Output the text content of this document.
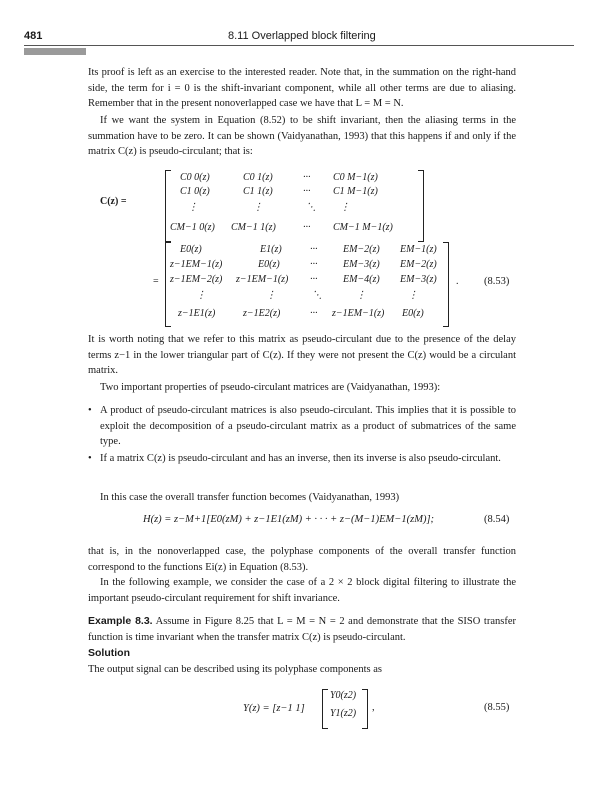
481	8.11 Overlapped block filtering

Its proof is left as an exercise to the interested reader. Note that, in the summation on the right-hand side, the term for i = 0 is the shift-invariant component, while all other terms are due to aliasing. Remember that in the present nonoverlapped case we have that L = M = N.

If we want the system in Equation (8.52) to be shift invariant, then the aliasing terms in the summation have to be zero. It can be shown (Vaidyanathan, 1993) that this happens if and only if the matrix C(z) is pseudo-circulant; that is:

C(z) =
C0 0(z)	C0 1(z)	··· C0 M−1(z)
C1 0(z)	C1 1(z)	··· C1 M−1(z)
⋮	⋮	⋱ ⋮
CM−1 0(z) CM−1 1(z)	··· CM−1 M−1(z)
=
E0(z)	E1(z)	···	EM−2(z) EM−1(z)
z−1EM−1(z)	E0(z)	···	EM−3(z) EM−2(z)
z−1EM−2(z) z−1EM−1(z) ···	EM−4(z) EM−3(z)
⋮	⋮	⋱	⋮	⋮
z−1E1(z)	z−1E2(z)	··· z−1EM−1(z) E0(z)
. (8.53)

It is worth noting that we refer to this matrix as pseudo-circulant due to the presence of the delay terms z−1 in the lower triangular part of C(z). If they were not present the C(z) would be a circulant matrix.

Two important properties of pseudo-circulant matrices are (Vaidyanathan, 1993):

• A product of pseudo-circulant matrices is also pseudo-circulant. This implies that it is possible to exploit the decomposition of a pseudo-circulant matrix as a product of submatrices of the same type.
• If a matrix C(z) is pseudo-circulant and has an inverse, then its inverse is also pseudo-circulant.

In this case the overall transfer function becomes (Vaidyanathan, 1993)

H(z) = z−M+1[E0(zM) + z−1E1(zM) + · · · + z−(M−1)EM−1(zM)];	(8.54)

that is, in the nonoverlapped case, the polyphase components of the overall transfer function correspond to the functions Ei(z) in Equation (8.53).

In the following example, we consider the case of a 2 × 2 block digital filtering to illustrate the important pseudo-circulant requirement for shift invariance.

Example 8.3. Assume in Figure 8.25 that L = M = N = 2 and demonstrate that the SISO transfer function is time invariant when the transfer matrix C(z) is pseudo-circulant.

Solution

The output signal can be described using its polyphase components as

Y(z) = [z−1 1]
Y0(z2)
Y1(z2)
,	(8.55)
